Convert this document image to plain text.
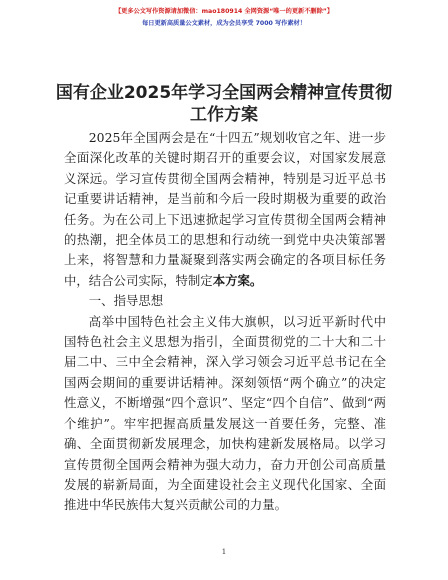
【更多公文写作资源请加微信：mao180914 全网资源“唯一的更新不删除”】
每日更新高质量公文素材，成为会员享受 7000 写作素材！
国有企业2025年学习全国两会精神宣传贯彻工作方案

2025年全国两会是在“十四五”规划收官之年、进一步全面深化改革的关键时期召开的重要会议，对国家发展意义深远。学习宣传贯彻全国两会精神，特别是习近平总书记重要讲话精神，是当前和今后一段时期极为重要的政治任务。为在公司上下迅速掀起学习宣传贯彻全国两会精神的热潮，把全体员工的思想和行动统一到党中央决策部署上来，将智慧和力量凝聚到落实两会确定的各项目标任务中，结合公司实际，特制定本方案。

一、指导思想

高举中国特色社会主义伟大旗帜，以习近平新时代中国特色社会主义思想为指引，全面贯彻党的二十大和二十届二中、三中全会精神，深入学习领会习近平总书记在全国两会期间的重要讲话精神。深刻领悟“两个确立”的决定性意义，不断增强“四个意识”、坚定“四个自信”、做到“两个维护”。牢牢把握高质量发展这一首要任务，完整、准确、全面贯彻新发展理念，加快构建新发展格局。以学习宣传贯彻全国两会精神为强大动力，奋力开创公司高质量发展的崭新局面，为全面建设社会主义现代化国家、全面推进中华民族伟大复兴贡献公司的力量。

1
